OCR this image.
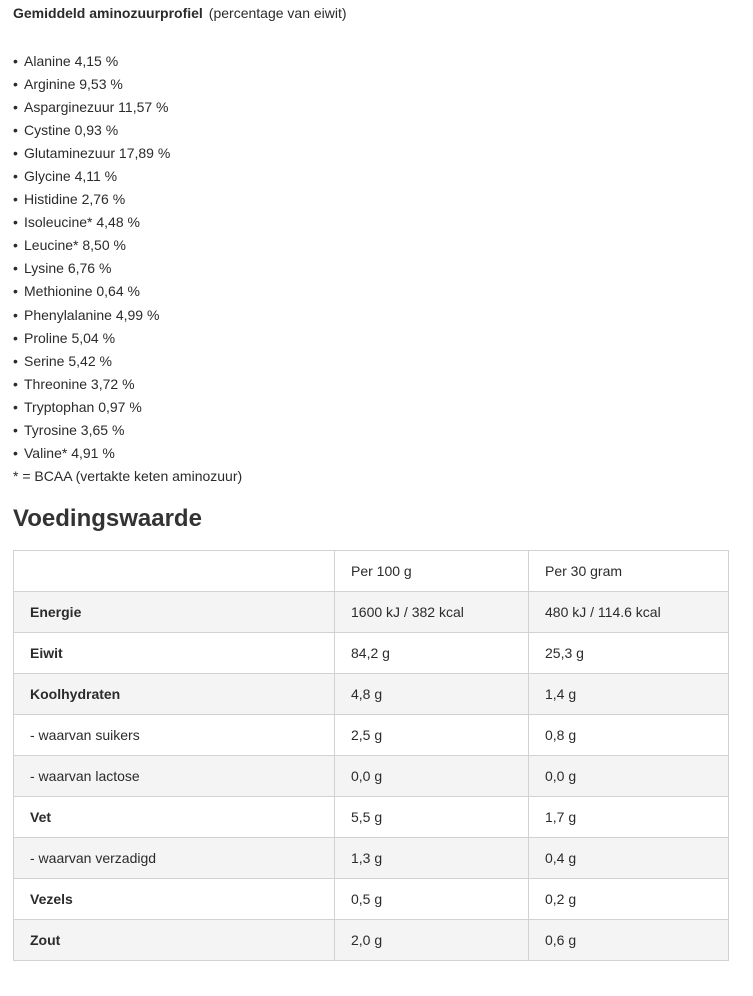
Gemiddeld aminozuurprofiel (percentage van eiwit)

• Alanine 4,15 %
• Arginine 9,53 %
• Asparginezuur 11,57 %
• Cystine 0,93 %
• Glutaminezuur 17,89 %
• Glycine 4,11 %
• Histidine 2,76 %
• Isoleucine* 4,48 %
• Leucine* 8,50 %
• Lysine 6,76 %
• Methionine 0,64 %
• Phenylalanine 4,99 %
• Proline 5,04 %
• Serine 5,42 %
• Threonine 3,72 %
• Tryptophan 0,97 %
• Tyrosine 3,65 %
• Valine* 4,91 %

* = BCAA (vertakte keten aminozuur)

Voedingswaarde
	Per 100 g	Per 30 gram
Energie	1600 kJ / 382 kcal	480 kJ / 114.6 kcal
Eiwit	84,2 g	25,3 g
Koolhydraten	4,8 g	1,4 g
- waarvan suikers	2,5 g	0,8 g
- waarvan lactose	0,0 g	0,0 g
Vet	5,5 g	1,7 g
- waarvan verzadigd	1,3 g	0,4 g
Vezels	0,5 g	0,2 g
Zout	2,0 g	0,6 g
